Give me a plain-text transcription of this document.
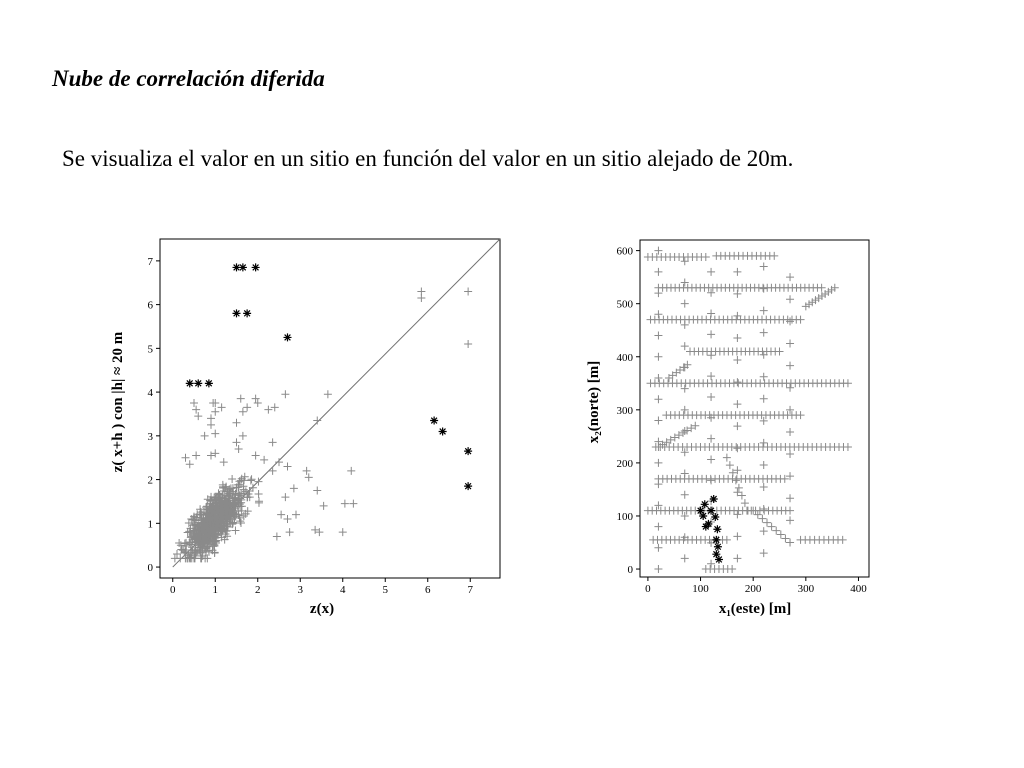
Nube de correlación diferida
Se visualiza el valor en un sitio en función del valor en un sitio alejado de 20m.
0	1	2	3	4	5	6	7
0
1
2
3
4
5
6
7
z(x)
z( x+h ) con |h| ≈ 20 m
0	100	200	300	400
0
100
200
300
400
500
600
x₁(este) [m]
x₂(norte) [m]
